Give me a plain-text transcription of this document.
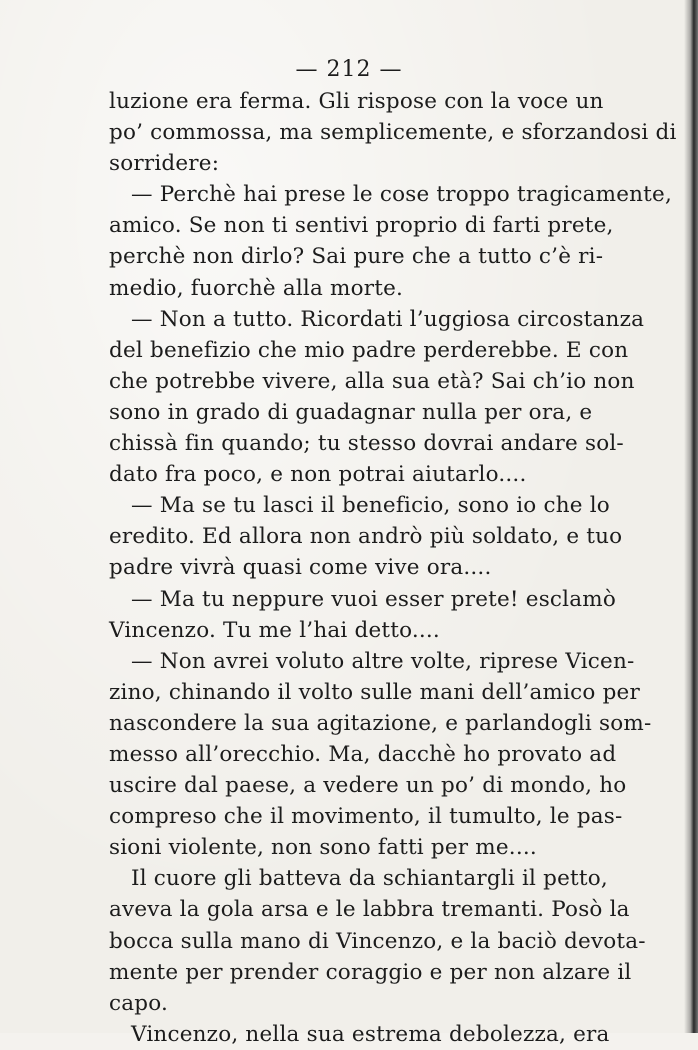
— 212 —
luzione era ferma. Gli rispose con la voce un
po’ commossa, ma semplicemente, e sforzandosi di
sorridere:
— Perchè hai prese le cose troppo tragicamente,
amico. Se non ti sentivi proprio di farti prete,
perchè non dirlo? Sai pure che a tutto c’è ri-
medio, fuorchè alla morte.
— Non a tutto. Ricordati l’uggiosa circostanza
del benefizio che mio padre perderebbe. E con
che potrebbe vivere, alla sua età? Sai ch’io non
sono in grado di guadagnar nulla per ora, e
chissà fin quando; tu stesso dovrai andare sol-
dato fra poco, e non potrai aiutarlo....
— Ma se tu lasci il beneficio, sono io che lo
eredito. Ed allora non andrò più soldato, e tuo
padre vivrà quasi come vive ora....
— Ma tu neppure vuoi esser prete! esclamò
Vincenzo. Tu me l’hai detto....
— Non avrei voluto altre volte, riprese Vicen-
zino, chinando il volto sulle mani dell’amico per
nascondere la sua agitazione, e parlandogli som-
messo all’orecchio. Ma, dacchè ho provato ad
uscire dal paese, a vedere un po’ di mondo, ho
compreso che il movimento, il tumulto, le pas-
sioni violente, non sono fatti per me....
Il cuore gli batteva da schiantargli il petto,
aveva la gola arsa e le labbra tremanti. Posò la
bocca sulla mano di Vincenzo, e la baciò devota-
mente per prender coraggio e per non alzare il
capo.
Vincenzo, nella sua estrema debolezza, era
